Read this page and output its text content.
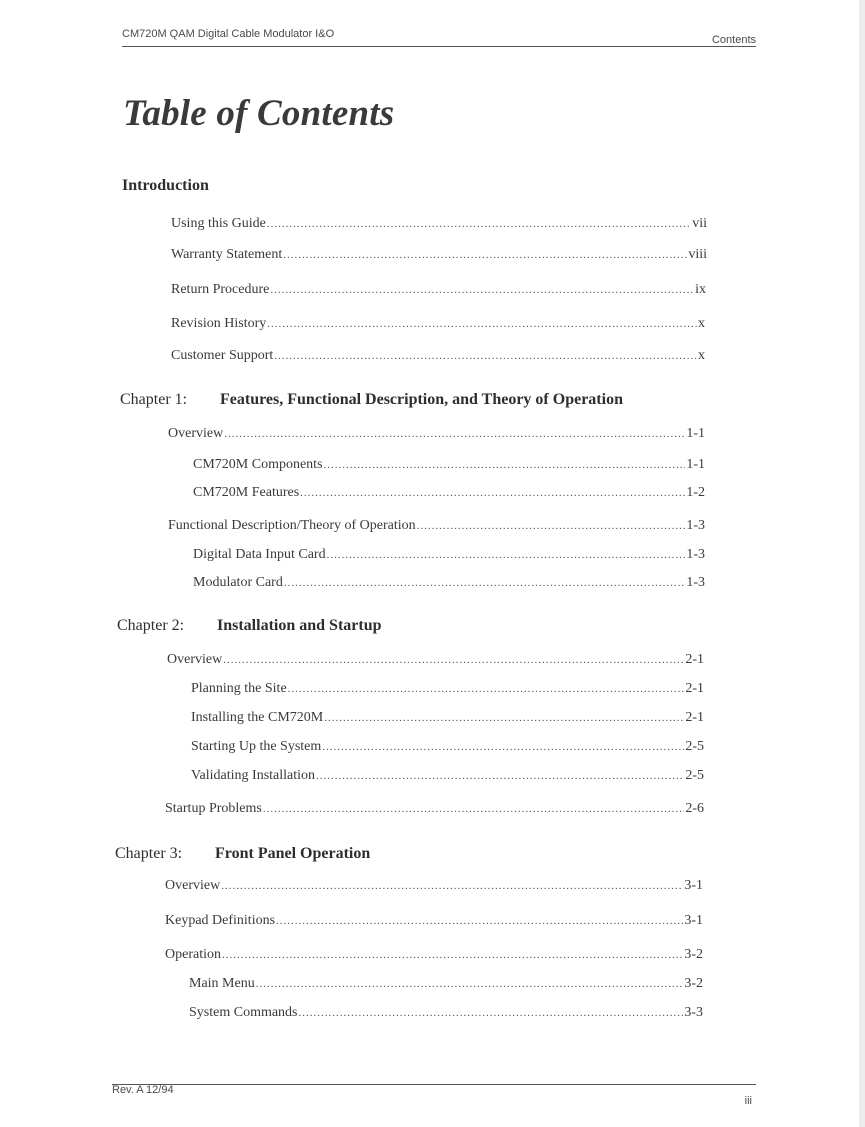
CM720M QAM Digital Cable Modulator I&O	Contents
Table of Contents
Introduction
Using this Guide .....	vii
Warranty Statement .....	viii
Return Procedure .....	ix
Revision History .....	x
Customer Support .....	x
Chapter 1: Features, Functional Description, and Theory of Operation
Overview .....	1-1
CM720M Components .....	1-1
CM720M Features .....	1-2
Functional Description/Theory of Operation .....	1-3
Digital Data Input Card .....	1-3
Modulator Card .....	1-3
Chapter 2: Installation and Startup
Overview .....	2-1
Planning the Site .....	2-1
Installing the CM720M .....	2-1
Starting Up the System .....	2-5
Validating Installation .....	2-5
Startup Problems .....	2-6
Chapter 3: Front Panel Operation
Overview .....	3-1
Keypad Definitions .....	3-1
Operation .....	3-2
Main Menu .....	3-2
System Commands .....	3-3
Rev. A 12/94
iii
